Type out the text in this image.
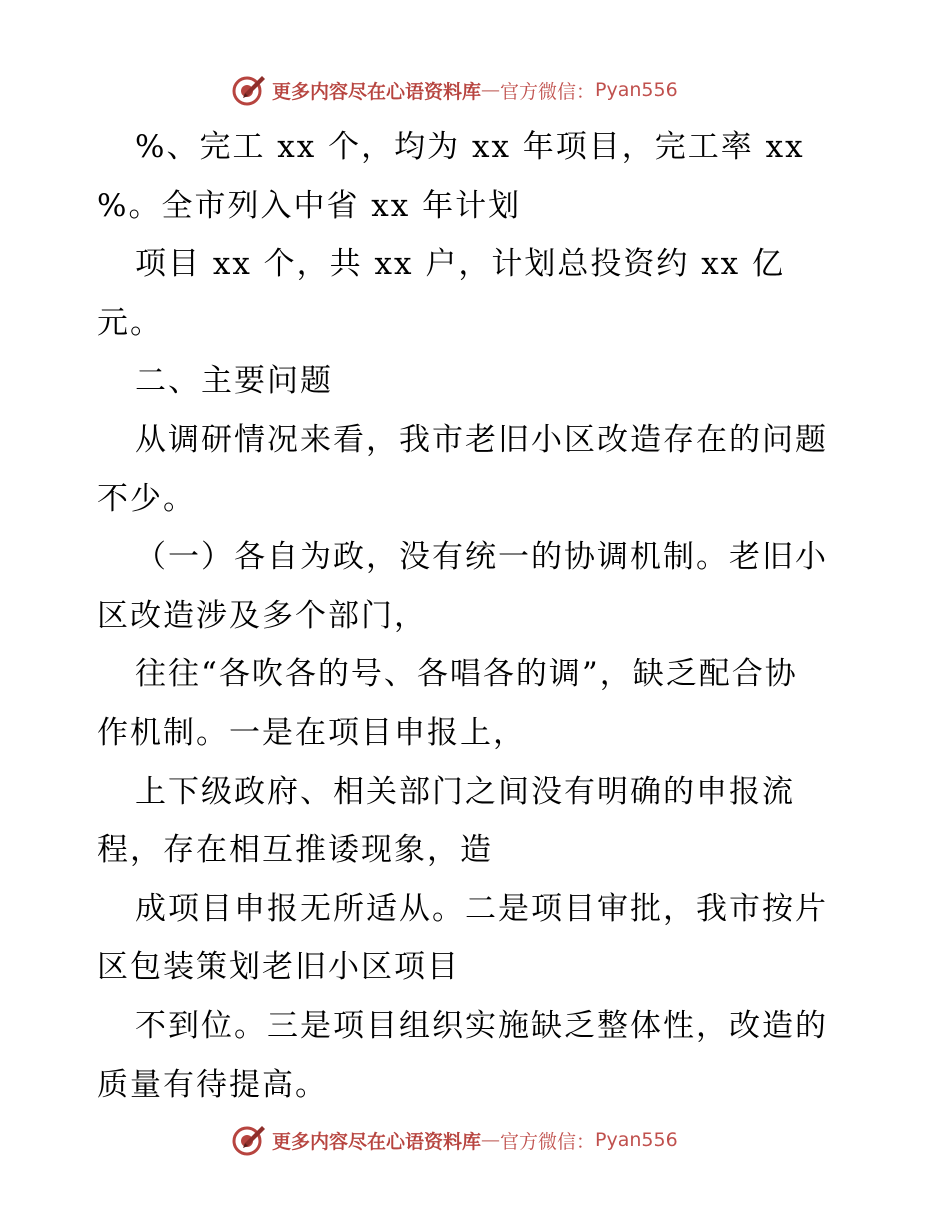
更多内容尽在心语资料库 — 官方微信： Pyan556
%、完工 xx 个，均为 xx 年项目，完工率 xx
%。全市列入中省 xx 年计划
项目 xx 个，共 xx 户，计划总投资约 xx 亿
元。
二、主要问题
从调研情况来看，我市老旧小区改造存在的问题
不少。
（一）各自为政，没有统一的协调机制。老旧小
区改造涉及多个部门，
往往“各吹各的号、各唱各的调”，缺乏配合协
作机制。一是在项目申报上，
上下级政府、相关部门之间没有明确的申报流
程，存在相互推诿现象，造
成项目申报无所适从。二是项目审批，我市按片
区包装策划老旧小区项目
不到位。三是项目组织实施缺乏整体性，改造的
质量有待提高。
更多内容尽在心语资料库 — 官方微信： Pyan556
